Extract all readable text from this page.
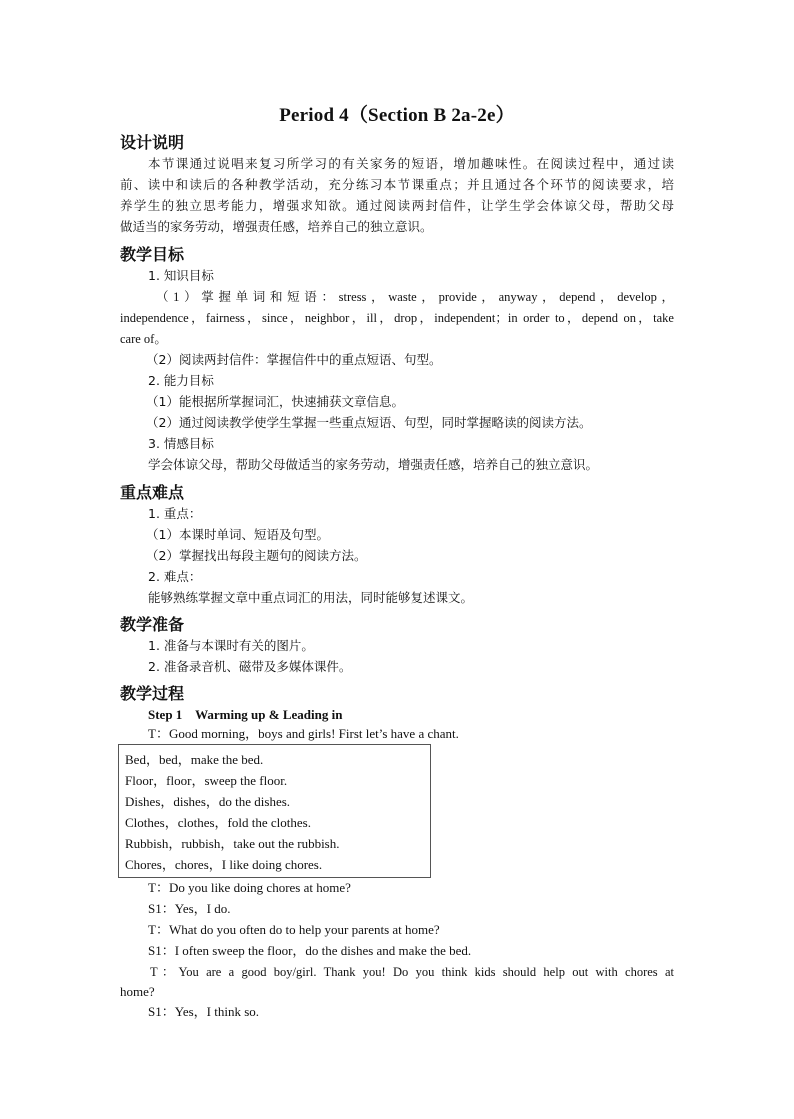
Period 4（Section B 2a-2e）
设计说明
本节课通过说唱来复习所学习的有关家务的短语，增加趣味性。在阅读过程中，通过读
前、读中和读后的各种教学活动，充分练习本节课重点；并且通过各个环节的阅读要求，培
养学生的独立思考能力，增强求知欲。通过阅读两封信件，让学生学会体谅父母，帮助父母
做适当的家务劳动，增强责任感，培养自己的独立意识。
教学目标
1. 知识目标
（1）掌握单词和短语：stress，waste，provide，anyway，depend，develop，
independence，fairness，since，neighbor，ill，drop，independent；in order to，depend on，take
care of。
（2）阅读两封信件：掌握信件中的重点短语、句型。
2. 能力目标
（1）能根据所掌握词汇，快速捕获文章信息。
（2）通过阅读教学使学生掌握一些重点短语、句型，同时掌握略读的阅读方法。
3. 情感目标
学会体谅父母，帮助父母做适当的家务劳动，增强责任感，培养自己的独立意识。
重点难点
1. 重点：
（1）本课时单词、短语及句型。
（2）掌握找出每段主题句的阅读方法。
2. 难点：
能够熟练掌握文章中重点词汇的用法，同时能够复述课文。
教学准备
1. 准备与本课时有关的图片。
2. 准备录音机、磁带及多媒体课件。
教学过程
Step 1    Warming up & Leading in
T：Good morning，boys and girls! First let’s have a chant.
Bed，bed，make the bed.
Floor，floor，sweep the floor.
Dishes，dishes，do the dishes.
Clothes，clothes，fold the clothes.
Rubbish，rubbish，take out the rubbish.
Chores，chores，I like doing chores.
T：Do you like doing chores at home?
S1：Yes，I do.
T：What do you often do to help your parents at home?
S1：I often sweep the floor，do the dishes and make the bed.
T：You are a good boy/girl. Thank you! Do you think kids should help out with chores at
home?
S1：Yes，I think so.
